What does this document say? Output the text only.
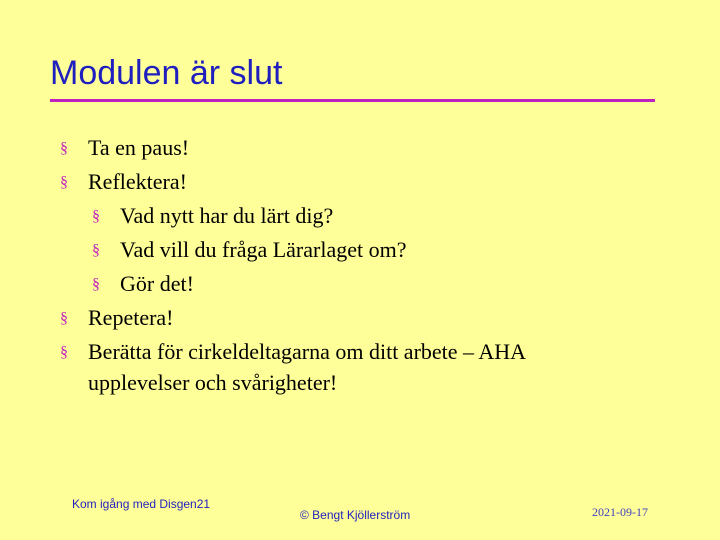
Modulen är slut
§ Ta en paus!
§ Reflektera!
§ Vad nytt har du lärt dig?
§ Vad vill du fråga Lärarlaget om?
§ Gör det!
§ Repetera!
§ Berätta för cirkeldeltagarna om ditt arbete – AHA
upplevelser och svårigheter!
Kom igång med Disgen21
© Bengt Kjöllerström	2021-09-17
